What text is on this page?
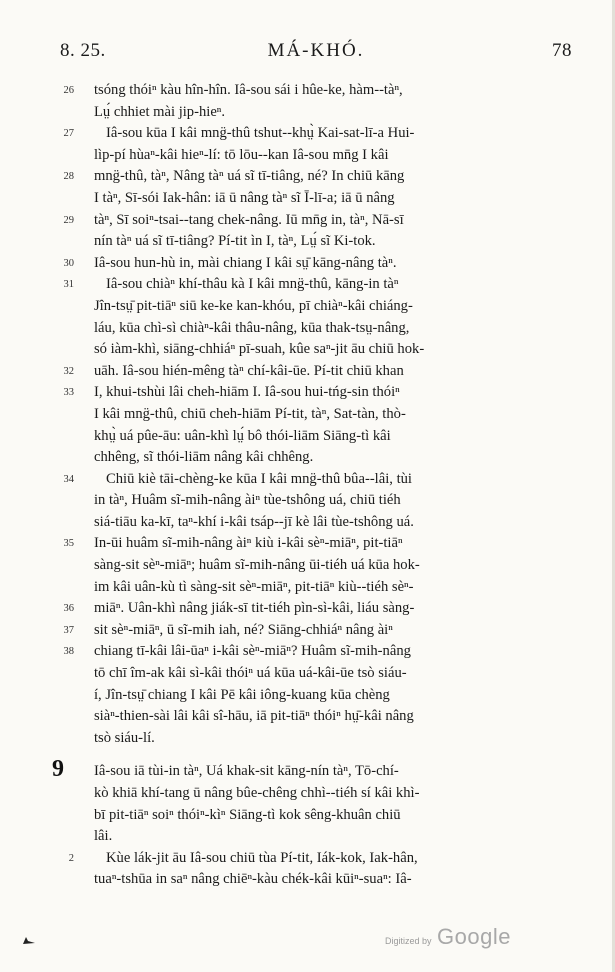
8. 25.	MÁ-KHÓ.	78
26 tsóng thóiⁿ kàu hîn-hîn. Iâ-sou sái i hûe-ke, hàm--tàⁿ,
Lṳ́ chhiet mài jip-hieⁿ.
27 Iâ-sou kūa I kâi mng̈-thû tshut--khṳ̀ Kai-sat-lī-a Hui-
lìp-pí hùaⁿ-kâi hieⁿ-lí: tō lōu--kan Iâ-sou mn̄g I kâi
28 mng̈-thû, tàⁿ, Nâng tàⁿ uá sĩ tī-tiâng, né? In chiū kāng
I tàⁿ, Sī-sói Iak-hân: iā ū nâng tàⁿ sĩ Ī-lī-a; iā ū nâng
29 tàⁿ, Sī soiⁿ-tsai--tang chek-nâng. Iū mn̄g in, tàⁿ, Nā-sī
nín tàⁿ uá sĩ tī-tiâng? Pí-tit ìn I, tàⁿ, Lṳ́ sĩ Ki-tok.
30 Iâ-sou hun-hù in, mài chiang I kâi sṳ̄ kāng-nâng tàⁿ.
31 Iâ-sou chiàⁿ khí-thâu kà I kâi mng̈-thû, kāng-in tàⁿ
Jîn-tsṳ̄ pit-tiāⁿ siū ke-ke kan-khóu, pī chiàⁿ-kâi chiáng-
láu, kūa chì-sì chiàⁿ-kâi thâu-nâng, kūa thak-tsṳ-nâng,
só iàm-khì, siāng-chhiáⁿ pī-suah, kûe saⁿ-jit āu chiū hok-
32 uāh. Iâ-sou hién-mêng tàⁿ chí-kâi-ūe. Pí-tit chiū khan
33 I, khui-tshùi lâi cheh-hiām I. Iâ-sou hui-tńg-sin thóiⁿ
I kâi mng̈-thû, chiū cheh-hiām Pí-tit, tàⁿ, Sat-tàn, thò-
khṳ̀ uá pûe-āu: uân-khì lṳ́ bô thói-liām Siāng-tì kâi
chhêng, sĩ thói-liām nâng kâi chhêng.
34 Chiū kiè tāi-chèng-ke kūa I kâi mng̈-thû bûa--lâi, tùi
in tàⁿ, Huâm sĩ-mih-nâng àiⁿ tùe-tshông uá, chiū tiéh
siá-tiāu ka-kī, taⁿ-khí i-kâi tsáp--jī kè lâi tùe-tshông uá.
35 In-ūi huâm sĩ-mih-nâng àiⁿ kiù i-kâi sèⁿ-miāⁿ, pit-tiāⁿ
sàng-sit sèⁿ-miāⁿ; huâm sĩ-mih-nâng ūi-tiéh uá kūa hok-
im kâi uân-kù tì sàng-sit sèⁿ-miāⁿ, pit-tiāⁿ kiù--tiéh sèⁿ-
36 miāⁿ. Uân-khì nâng jiák-sī tit-tiéh pìn-sì-kâi, liáu sàng-
37 sit sèⁿ-miāⁿ, ū sĩ-mih iah, né? Siāng-chhiáⁿ nâng àiⁿ
38 chiang tī-kâi lâi-ūaⁿ i-kâi sèⁿ-miāⁿ? Huâm sĩ-mih-nâng
tō chī îm-ak kâi sì-kâi thóiⁿ uá kūa uá-kâi-ūe tsò siáu-
í, Jîn-tsṳ̄ chiang I kâi Pē kâi iông-kuang kūa chèng
siàⁿ-thien-sài lâi kâi sî-hāu, iā pit-tiāⁿ thóiⁿ hṳ̄-kâi nâng
tsò siáu-lí.
9	Iâ-sou iā tùi-in tàⁿ, Uá khak-sit kāng-nín tàⁿ, Tō-chí-
kò khiā khí-tang ū nâng bûe-chêng chhì--tiéh sí kâi khì-
bī pit-tiāⁿ soiⁿ thóiⁿ-kìⁿ Siāng-tì kok sêng-khuân chiū
lâi.
2 Kùe lák-jit āu Iâ-sou chiū tùa Pí-tit, Iák-kok, Iak-hân,
tuaⁿ-tshūa in saⁿ nâng chiēⁿ-kàu chék-kâi kūiⁿ-suaⁿ: Iâ-
Digitized by Google
